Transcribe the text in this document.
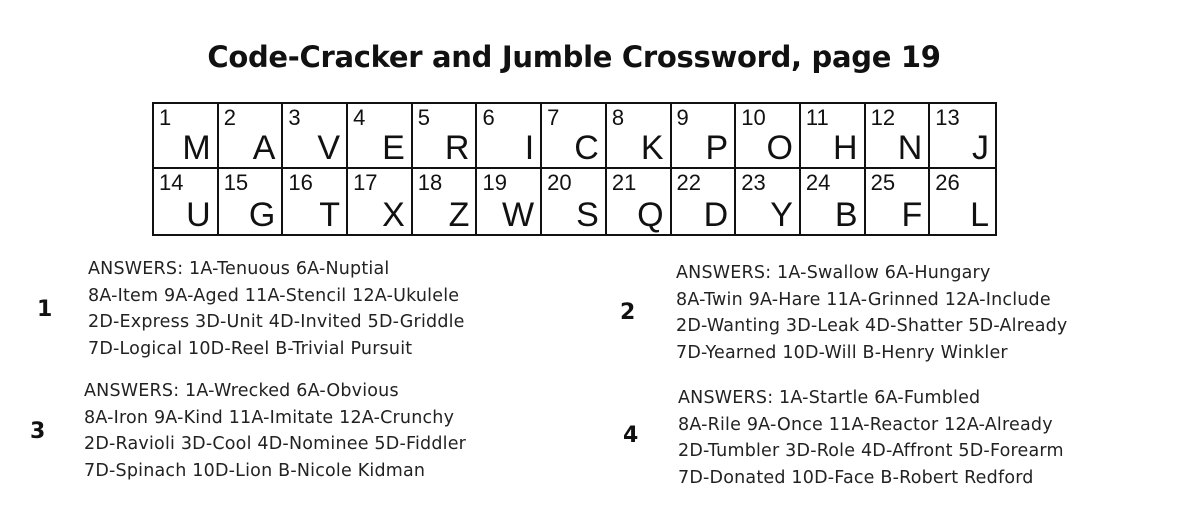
Code-Cracker and Jumble Crossword, page 19
1
M
2
A
3
V
4
E
5
R
6
I
7
C
8
K
9
P
10
O
11
H
12
N
13
J
14
U
15
G
16
T
17
X
18
Z
19
W
20
S
21
Q
22
D
23
Y
24
B
25
F
26
L
1
ANSWERS: 1A-Tenuous 6A-Nuptial
8A-Item 9A-Aged 11A-Stencil 12A-Ukulele
2D-Express 3D-Unit 4D-Invited 5D-Griddle
7D-Logical 10D-Reel B-Trivial Pursuit
2
ANSWERS: 1A-Swallow 6A-Hungary
8A-Twin 9A-Hare 11A-Grinned 12A-Include
2D-Wanting 3D-Leak 4D-Shatter 5D-Already
7D-Yearned 10D-Will B-Henry Winkler
3
ANSWERS: 1A-Wrecked 6A-Obvious
8A-Iron 9A-Kind 11A-Imitate 12A-Crunchy
2D-Ravioli 3D-Cool 4D-Nominee 5D-Fiddler
7D-Spinach 10D-Lion B-Nicole Kidman
4
ANSWERS: 1A-Startle 6A-Fumbled
8A-Rile 9A-Once 11A-Reactor 12A-Already
2D-Tumbler 3D-Role 4D-Affront 5D-Forearm
7D-Donated 10D-Face B-Robert Redford
